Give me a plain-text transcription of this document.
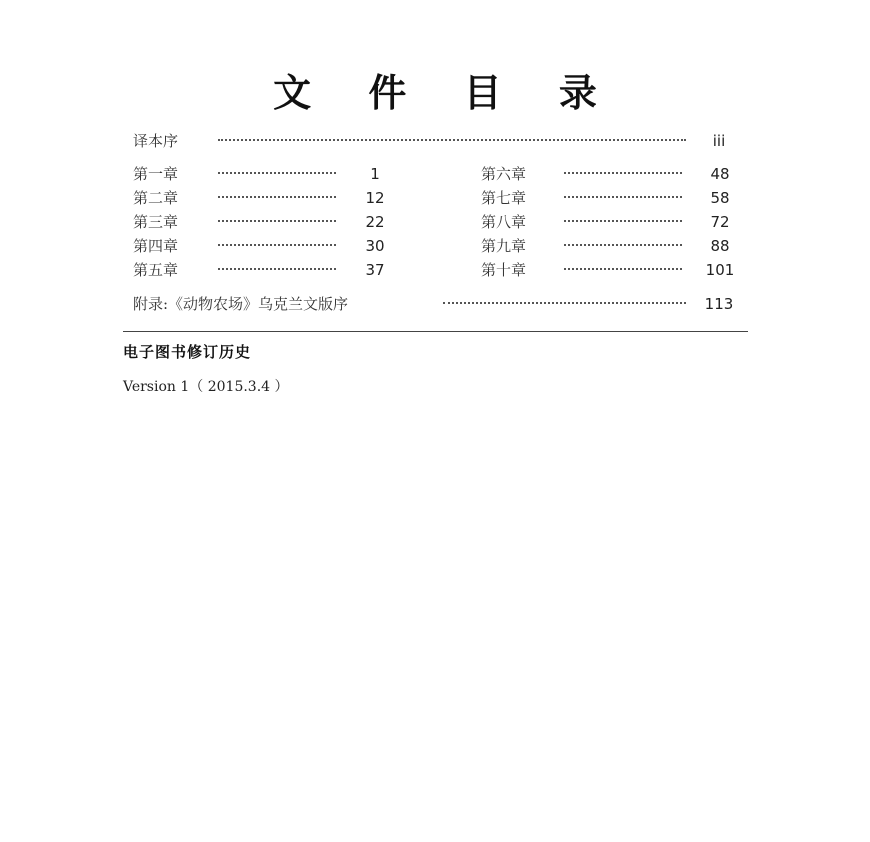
文 件 目 录
译本序	iii
第一章	1
第二章	12
第三章	22
第四章	30
第五章	37
第六章	48
第七章	58
第八章	72
第九章	88
第十章	101
附录:《动物农场》乌克兰文版序	113
电子图书修订历史
Version 1（ 2015.3.4 ）
